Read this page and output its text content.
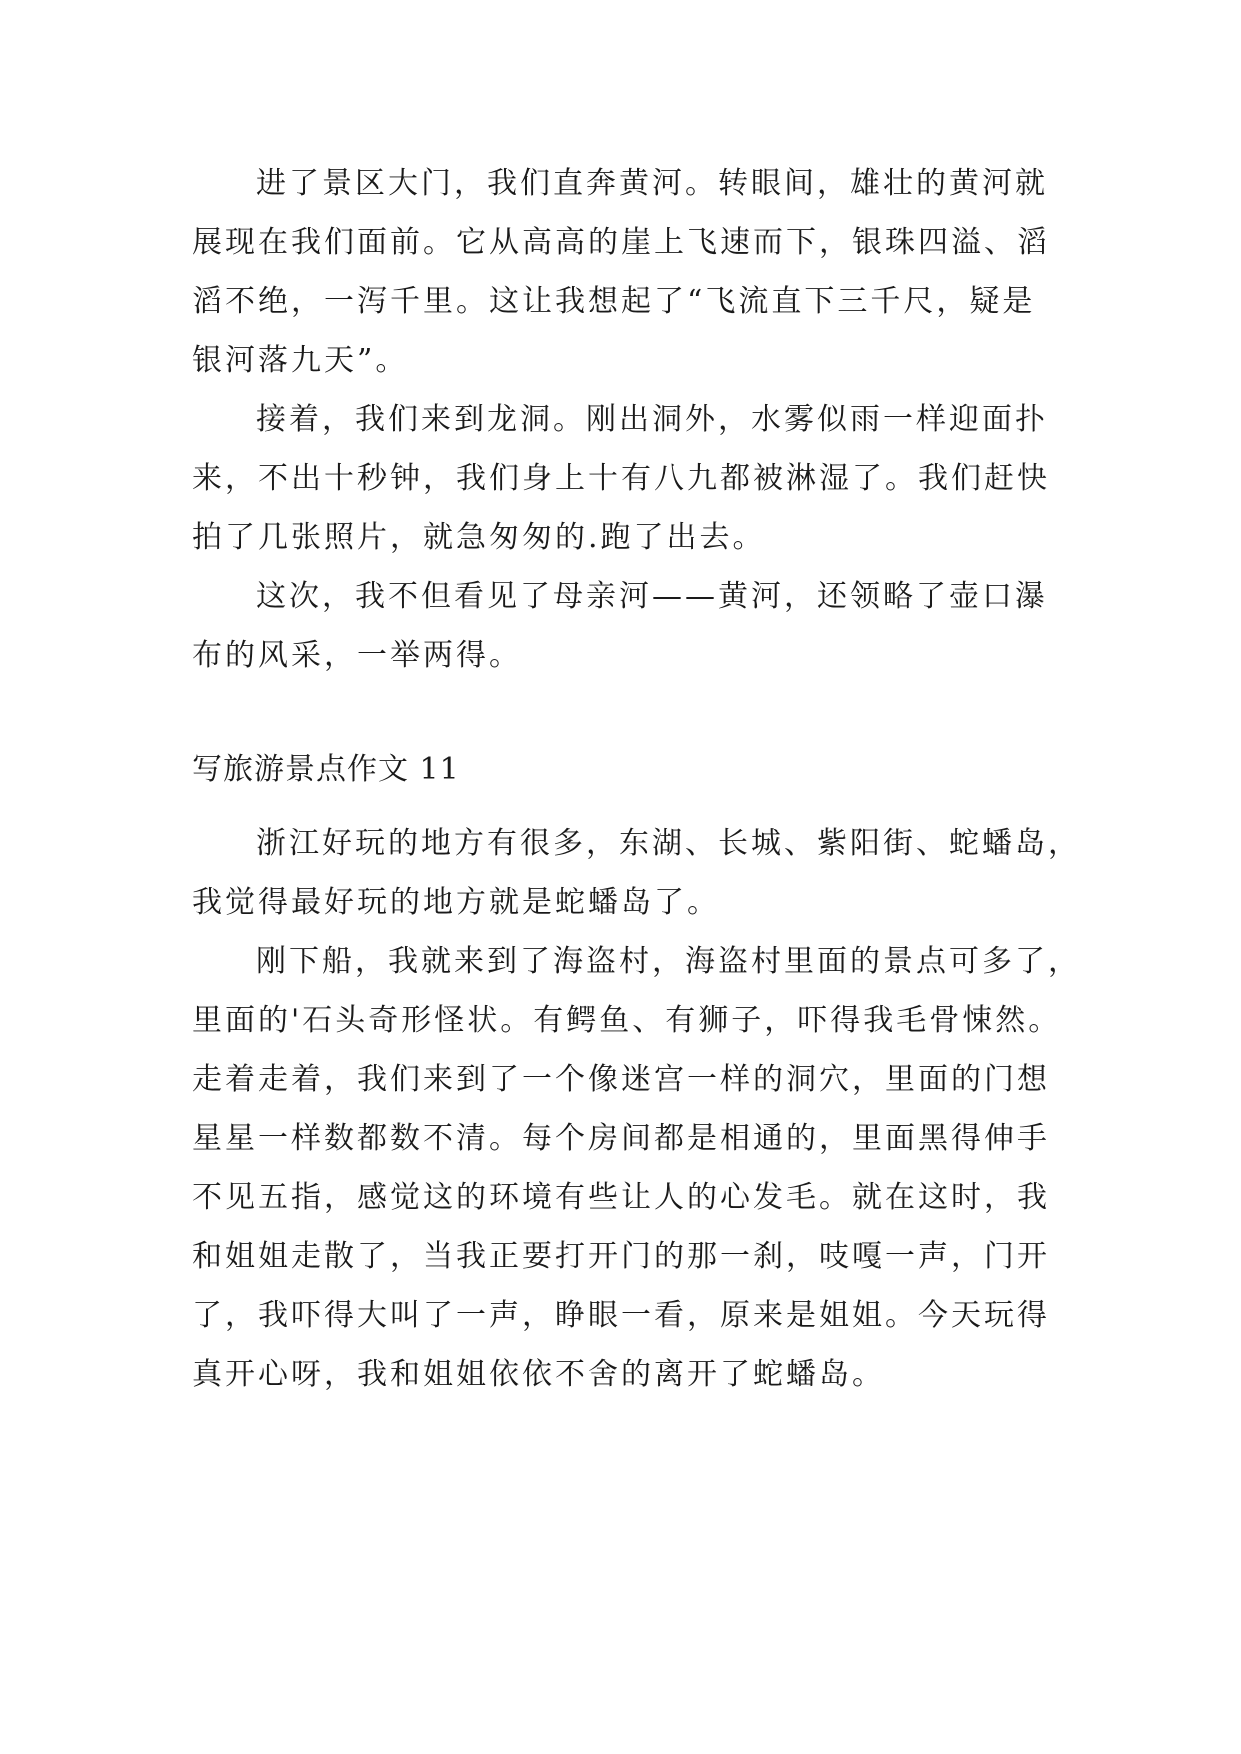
进了景区大门，我们直奔黄河。转眼间，雄壮的黄河就
展现在我们面前。它从高高的崖上飞速而下，银珠四溢、滔
滔不绝，一泻千里。这让我想起了“飞流直下三千尺，疑是
银河落九天”。
接着，我们来到龙洞。刚出洞外，水雾似雨一样迎面扑
来，不出十秒钟，我们身上十有八九都被淋湿了。我们赶快
拍了几张照片，就急匆匆的.跑了出去。
这次，我不但看见了母亲河——黄河，还领略了壶口瀑
布的风采，一举两得。
写旅游景点作文 11
浙江好玩的地方有很多，东湖、长城、紫阳街、蛇蟠岛，
我觉得最好玩的地方就是蛇蟠岛了。
刚下船，我就来到了海盗村，海盗村里面的景点可多了，
里面的'石头奇形怪状。有鳄鱼、有狮子，吓得我毛骨悚然。
走着走着，我们来到了一个像迷宫一样的洞穴，里面的门想
星星一样数都数不清。每个房间都是相通的，里面黑得伸手
不见五指，感觉这的环境有些让人的心发毛。就在这时，我
和姐姐走散了，当我正要打开门的那一刹，吱嘎一声，门开
了，我吓得大叫了一声，睁眼一看，原来是姐姐。今天玩得
真开心呀，我和姐姐依依不舍的离开了蛇蟠岛。
